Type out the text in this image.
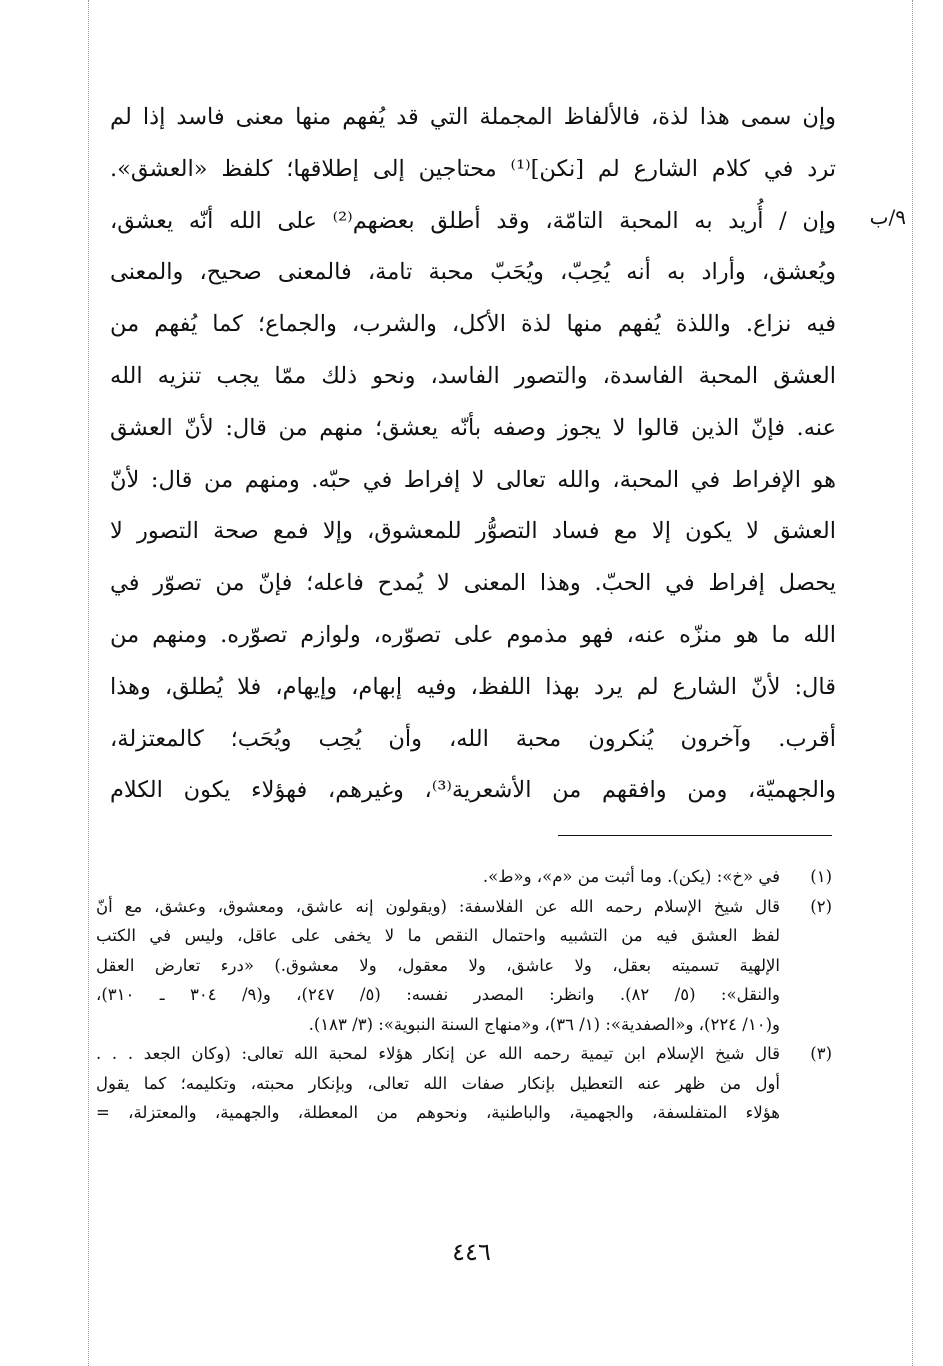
٩/ب
وإن سمى هذا لذة، فالألفاظ المجملة التي قد يُفهم منها معنى فاسد إذا لم
ترد في كلام الشارع لم [نكن]⁽¹⁾ محتاجين إلى إطلاقها؛ كلفظ «العشق».
وإن / أُريد به المحبة التامّة، وقد أطلق بعضهم⁽²⁾ على الله أنّه يعشق،
ويُعشق، وأراد به أنه يُحِبّ، ويُحَبّ محبة تامة، فالمعنى صحيح، والمعنى
فيه نزاع. واللذة يُفهم منها لذة الأكل، والشرب، والجماع؛ كما يُفهم من
العشق المحبة الفاسدة، والتصور الفاسد، ونحو ذلك ممّا يجب تنزيه الله
عنه. فإنّ الذين قالوا لا يجوز وصفه بأنّه يعشق؛ منهم من قال: لأنّ العشق
هو الإفراط في المحبة، والله تعالى لا إفراط في حبّه. ومنهم من قال: لأنّ
العشق لا يكون إلا مع فساد التصوُّر للمعشوق، وإلا فمع صحة التصور لا
يحصل إفراط في الحبّ. وهذا المعنى لا يُمدح فاعله؛ فإنّ من تصوّر في
الله ما هو منزّه عنه، فهو مذموم على تصوّره، ولوازم تصوّره. ومنهم من
قال: لأنّ الشارع لم يرد بهذا اللفظ، وفيه إبهام، وإيهام، فلا يُطلق، وهذا
أقرب. وآخرون يُنكرون محبة الله، وأن يُحِب ويُحَب؛ كالمعتزلة،
والجهميّة، ومن وافقهم من الأشعرية⁽³⁾، وغيرهم، فهؤلاء يكون الكلام
(١)
في «خ»: (يكن). وما أثبت من «م»، و«ط».
(٢)
قال شيخ الإسلام رحمه الله عن الفلاسفة: (ويقولون إنه عاشق، ومعشوق، وعشق، مع أنّ
لفظ العشق فيه من التشبيه واحتمال النقص ما لا يخفى على عاقل، وليس في الكتب
الإلهية تسميته بعقل، ولا عاشق، ولا معقول، ولا معشوق.) «درء تعارض العقل
والنقل»: (٥/ ٨٢). وانظر: المصدر نفسه: (٥/ ٢٤٧)، و(٩/ ٣٠٤ ـ ٣١٠)،
و(١٠/ ٢٢٤)، و«الصفدية»: (١/ ٣٦)، و«منهاج السنة النبوية»: (٣/ ١٨٣).
(٣)
قال شيخ الإسلام ابن تيمية رحمه الله عن إنكار هؤلاء لمحبة الله تعالى: (وكان الجعد . . .
أول من ظهر عنه التعطيل بإنكار صفات الله تعالى، وبإنكار محبته، وتكليمه؛ كما يقول
هؤلاء المتفلسفة، والجهمية، والباطنية، ونحوهم من المعطلة، والجهمية، والمعتزلة، =
٤٤٦
